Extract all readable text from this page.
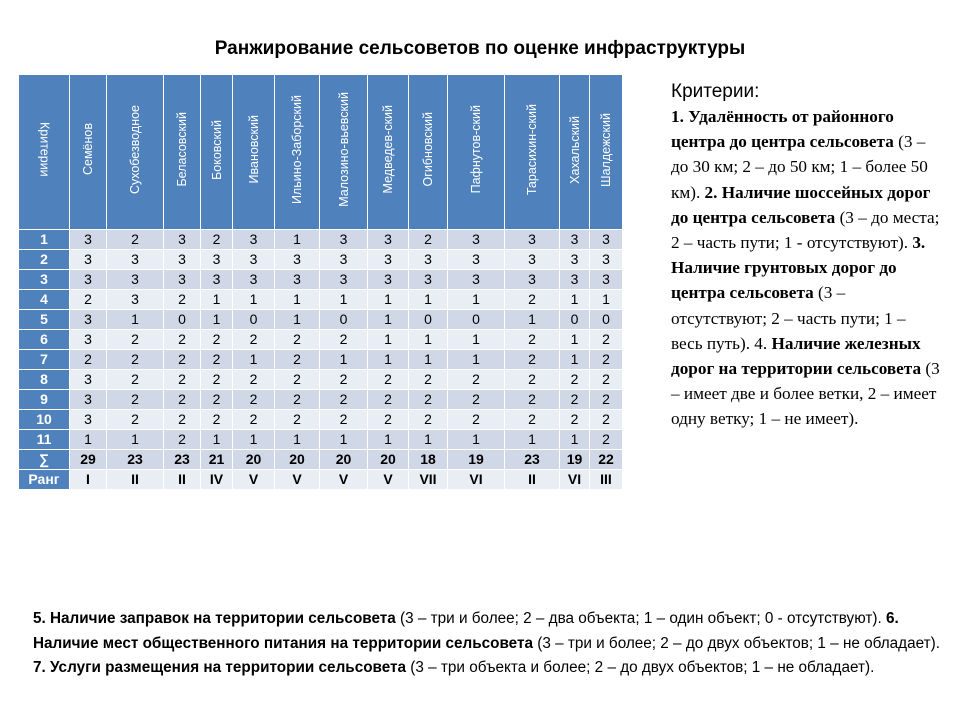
Ранжирование сельсоветов по оценке инфраструктуры
Критерии	Семёнов	Сухобезводное	Беласовский	Боковский	Ивановский	Ильино-Заборский	Малозино-вьевский	Медведев-ский	Огибновский	Пафнутов-ский	Тарасихин-ский	Хахальский	Шалдежский
1	3	2	3	2	3	1	3	3	2	3	3	3	3
2	3	3	3	3	3	3	3	3	3	3	3	3	3
3	3	3	3	3	3	3	3	3	3	3	3	3	3
4	2	3	2	1	1	1	1	1	1	1	2	1	1
5	3	1	0	1	0	1	0	1	0	0	1	0	0
6	3	2	2	2	2	2	2	1	1	1	2	1	2
7	2	2	2	2	1	2	1	1	1	1	2	1	2
8	3	2	2	2	2	2	2	2	2	2	2	2	2
9	3	2	2	2	2	2	2	2	2	2	2	2	2
10	3	2	2	2	2	2	2	2	2	2	2	2	2
11	1	1	2	1	1	1	1	1	1	1	1	1	2
∑	29	23	23	21	20	20	20	20	18	19	23	19	22
Ранг	I	II	II	IV	V	V	V	V	VII	VI	II	VI	III
Критерии:
1. Удалённость от районного центра до центра сельсовета (3 – до 30 км; 2 – до 50 км; 1 – более 50 км). 2. Наличие шоссейных дорог до центра сельсовета (3 – до места; 2 – часть пути; 1 - отсутствуют). 3. Наличие грунтовых дорог до центра сельсовета (3 – отсутствуют; 2 – часть пути; 1 – весь путь). 4. Наличие железных дорог на территории сельсовета (3 – имеет две и более ветки, 2 – имеет одну ветку; 1 – не имеет).
5. Наличие заправок на территории сельсовета (3 – три и более; 2 – два объекта; 1 – один объект; 0 - отсутствуют). 6. Наличие мест общественного питания на территории сельсовета (3 – три и более; 2 – до двух объектов; 1 – не обладает). 7. Услуги размещения на территории сельсовета (3 – три объекта и более; 2 – до двух объектов; 1 – не обладает).
